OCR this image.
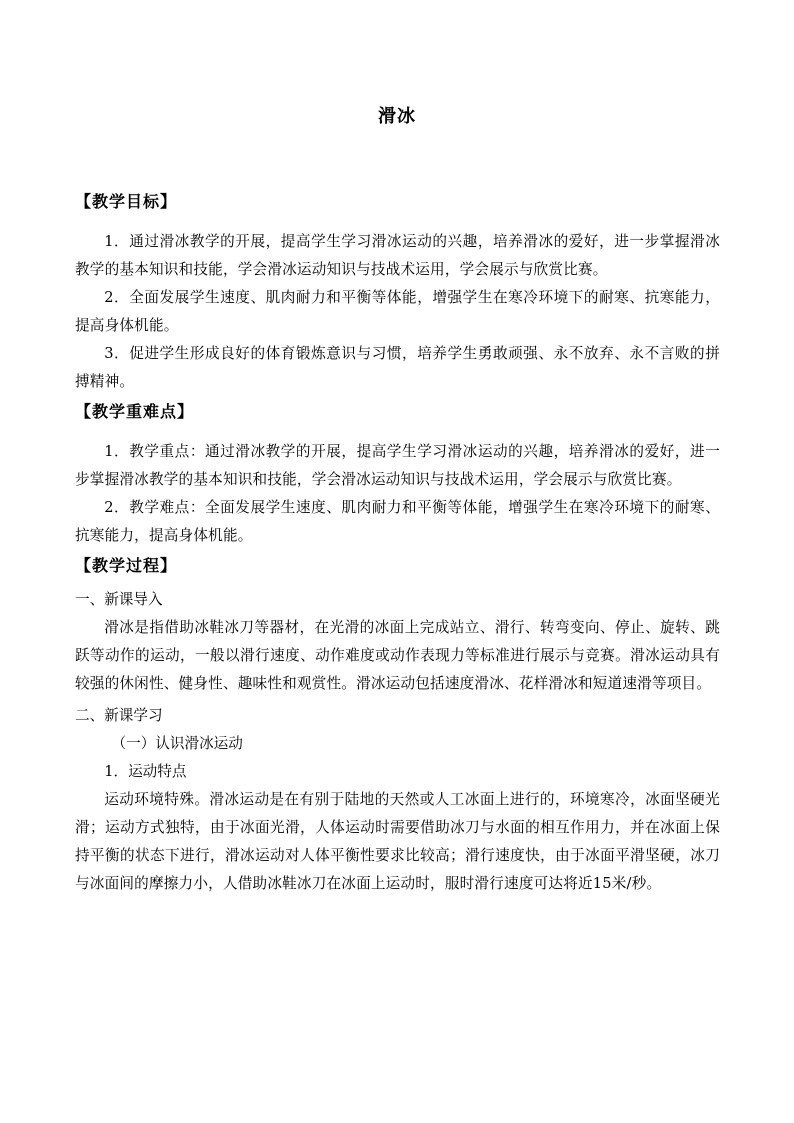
滑冰
【教学目标】

1．通过滑冰教学的开展，提高学生学习滑冰运动的兴趣，培养滑冰的爱好，进一步掌握滑冰教学的基本知识和技能，学会滑冰运动知识与技战术运用，学会展示与欣赏比赛。

2．全面发展学生速度、肌肉耐力和平衡等体能，增强学生在寒冷环境下的耐寒、抗寒能力，提高身体机能。

3．促进学生形成良好的体育锻炼意识与习惯，培养学生勇敢顽强、永不放弃、永不言败的拼搏精神。

【教学重难点】

1．教学重点：通过滑冰教学的开展，提高学生学习滑冰运动的兴趣，培养滑冰的爱好，进一步掌握滑冰教学的基本知识和技能，学会滑冰运动知识与技战术运用，学会展示与欣赏比赛。

2．教学难点：全面发展学生速度、肌肉耐力和平衡等体能，增强学生在寒冷环境下的耐寒、抗寒能力，提高身体机能。

【教学过程】

一、新课导入

滑冰是指借助冰鞋冰刀等器材，在光滑的冰面上完成站立、滑行、转弯变向、停止、旋转、跳跃等动作的运动，一般以滑行速度、动作难度或动作表现力等标准进行展示与竞赛。滑冰运动具有较强的休闲性、健身性、趣味性和观赏性。滑冰运动包括速度滑冰、花样滑冰和短道速滑等项目。

二、新课学习

（一）认识滑冰运动

1．运动特点

运动环境特殊。滑冰运动是在有别于陆地的天然或人工冰面上进行的，环境寒冷，冰面坚硬光滑；运动方式独特，由于冰面光滑，人体运动时需要借助冰刀与水面的相互作用力，并在冰面上保持平衡的状态下进行，滑冰运动对人体平衡性要求比较高；滑行速度快，由于冰面平滑坚硬，冰刀与冰面间的摩擦力小，人借助冰鞋冰刀在冰面上运动时，服时滑行速度可达将近15米/秒。
